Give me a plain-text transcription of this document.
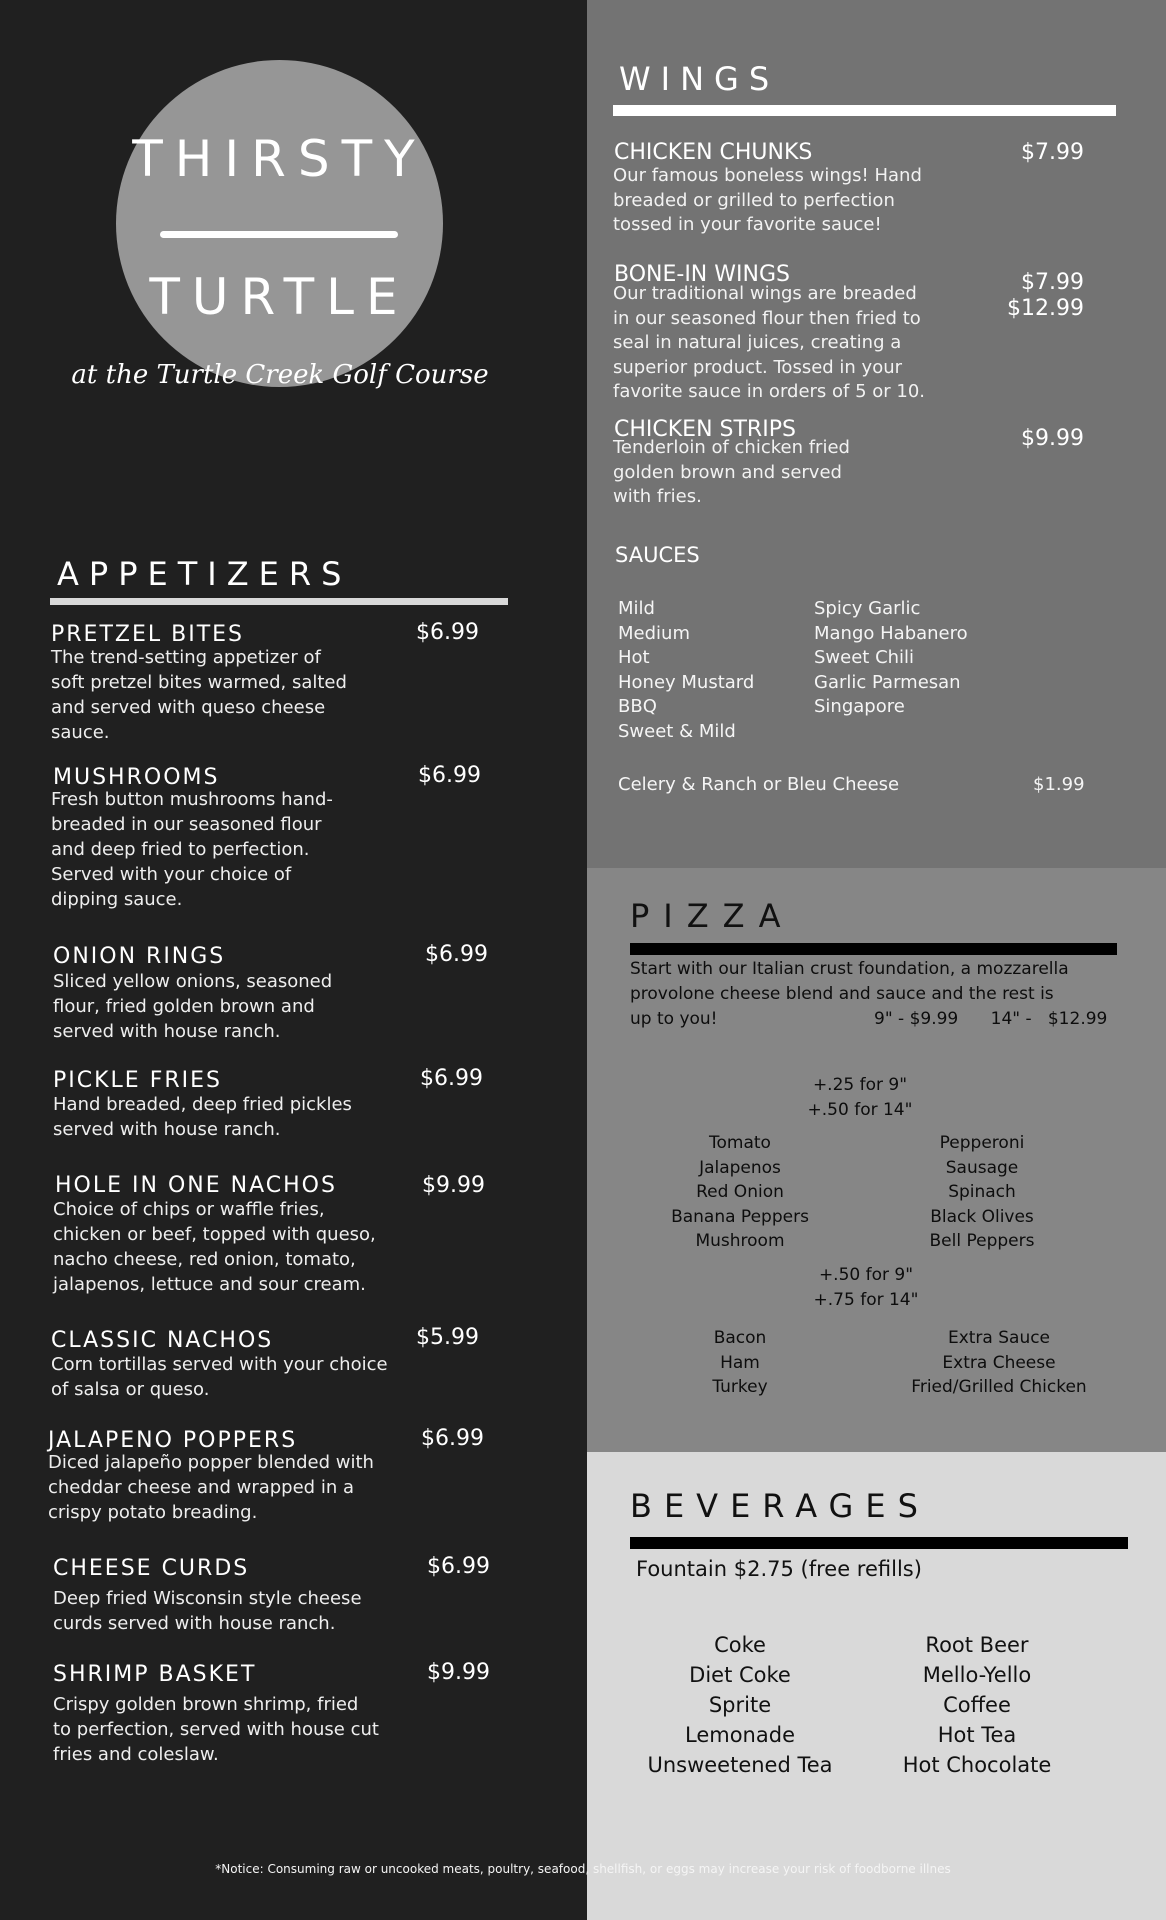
THIRSTY
TURTLE
at the Turtle Creek Golf Course
APPETIZERS
PRETZEL BITES	$6.99
The trend-setting appetizer of
soft pretzel bites warmed, salted
and served with queso cheese
sauce.
MUSHROOMS	$6.99
Fresh button mushrooms hand-
breaded in our seasoned flour
and deep fried to perfection.
Served with your choice of
dipping sauce.
ONION RINGS	$6.99
Sliced yellow onions, seasoned
flour, fried golden brown and
served with house ranch.
PICKLE FRIES	$6.99
Hand breaded, deep fried pickles
served with house ranch.
HOLE IN ONE NACHOS	$9.99
Choice of chips or waffle fries,
chicken or beef, topped with queso,
nacho cheese, red onion, tomato,
jalapenos, lettuce and sour cream.
CLASSIC NACHOS	$5.99
Corn tortillas served with your choice
of salsa or queso.
JALAPENO POPPERS	$6.99
Diced jalapeño popper blended with
cheddar cheese and wrapped in a
crispy potato breading.
CHEESE CURDS	$6.99
Deep fried Wisconsin style cheese
curds served with house ranch.
SHRIMP BASKET	$9.99
Crispy golden brown shrimp, fried
to perfection, served with house cut
fries and coleslaw.
WINGS
CHICKEN CHUNKS	$7.99
Our famous boneless wings! Hand
breaded or grilled to perfection
tossed in your favorite sauce!
BONE-IN WINGS	$7.99
$12.99
Our traditional wings are breaded
in our seasoned flour then fried to
seal in natural juices, creating a
superior product. Tossed in your
favorite sauce in orders of 5 or 10.
CHICKEN STRIPS	$9.99
Tenderloin of chicken fried
golden brown and served
with fries.
SAUCES
Mild
Medium
Hot
Honey Mustard
BBQ
Sweet & Mild
Spicy Garlic
Mango Habanero
Sweet Chili
Garlic Parmesan
Singapore
Celery & Ranch or Bleu Cheese	$1.99
PIZZA
Start with our Italian crust foundation, a mozzarella
provolone cheese blend and sauce and the rest is
up to you!	9" - $9.99      14" -   $12.99
+.25 for 9"
+.50 for 14"
Tomato
Jalapenos
Red Onion
Banana Peppers
Mushroom
Pepperoni
Sausage
Spinach
Black Olives
Bell Peppers
+.50 for 9"
+.75 for 14"
Bacon
Ham
Turkey
Extra Sauce
Extra Cheese
Fried/Grilled Chicken
BEVERAGES
Fountain $2.75 (free refills)
Coke
Diet Coke
Sprite
Lemonade
Unsweetened Tea
Root Beer
Mello-Yello
Coffee
Hot Tea
Hot Chocolate
*Notice: Consuming raw or uncooked meats, poultry, seafood, shellfish, or eggs may increase your risk of foodborne illnes
